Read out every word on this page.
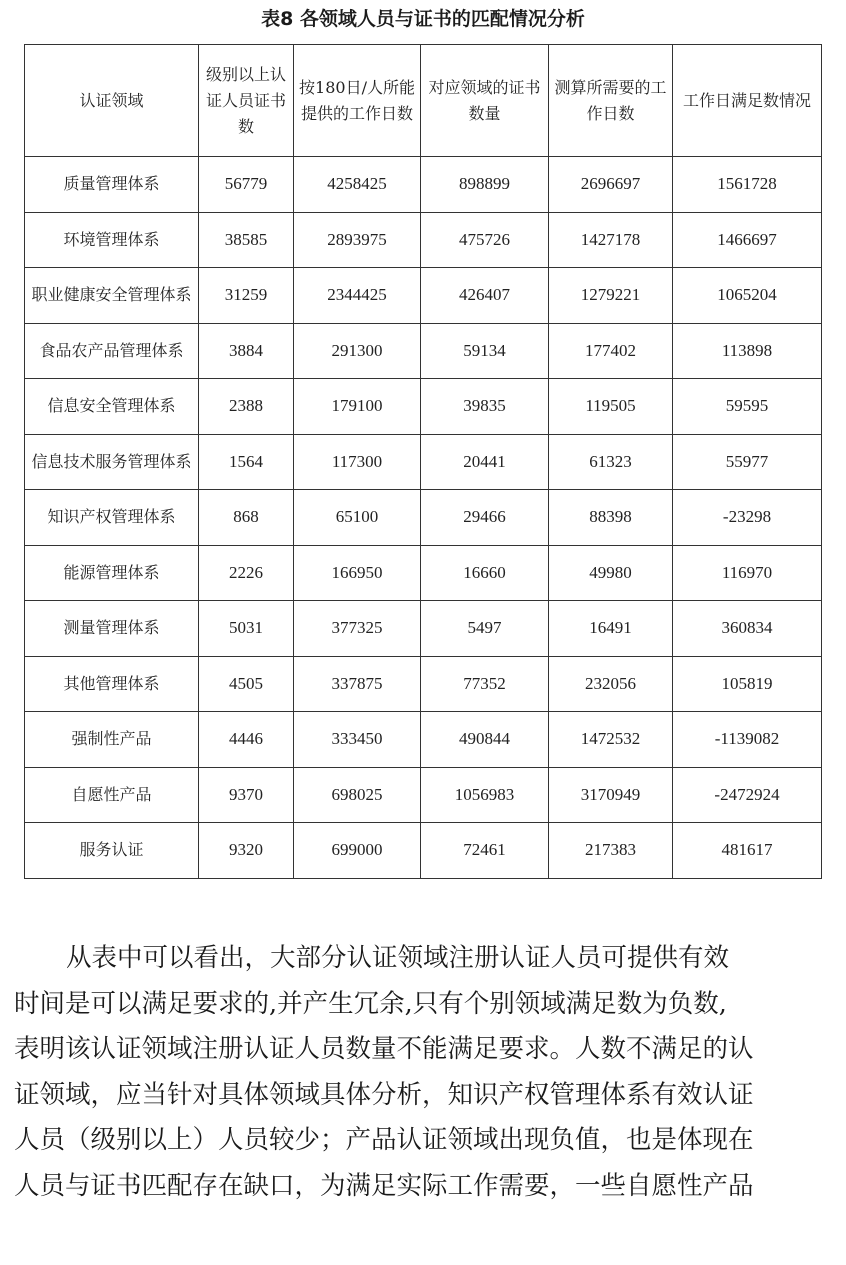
表8 各领域人员与证书的匹配情况分析
认证领域	级别以上认证人员证书数	按180日/人所能提供的工作日数	对应领域的证书数量	测算所需要的工作日数	工作日满足数情况
质量管理体系	56779	4258425	898899	2696697	1561728
环境管理体系	38585	2893975	475726	1427178	1466697
职业健康安全管理体系	31259	2344425	426407	1279221	1065204
食品农产品管理体系	3884	291300	59134	177402	113898
信息安全管理体系	2388	179100	39835	119505	59595
信息技术服务管理体系	1564	117300	20441	61323	55977
知识产权管理体系	868	65100	29466	88398	-23298
能源管理体系	2226	166950	16660	49980	116970
测量管理体系	5031	377325	5497	16491	360834
其他管理体系	4505	337875	77352	232056	105819
强制性产品	4446	333450	490844	1472532	-1139082
自愿性产品	9370	698025	1056983	3170949	-2472924
服务认证	9320	699000	72461	217383	481617

从表中可以看出，大部分认证领域注册认证人员可提供有效
时间是可以满足要求的,并产生冗余,只有个别领域满足数为负数,
表明该认证领域注册认证人员数量不能满足要求。人数不满足的认
证领域，应当针对具体领域具体分析，知识产权管理体系有效认证
人员（级别以上）人员较少；产品认证领域出现负值，也是体现在
人员与证书匹配存在缺口，为满足实际工作需要，一些自愿性产品
